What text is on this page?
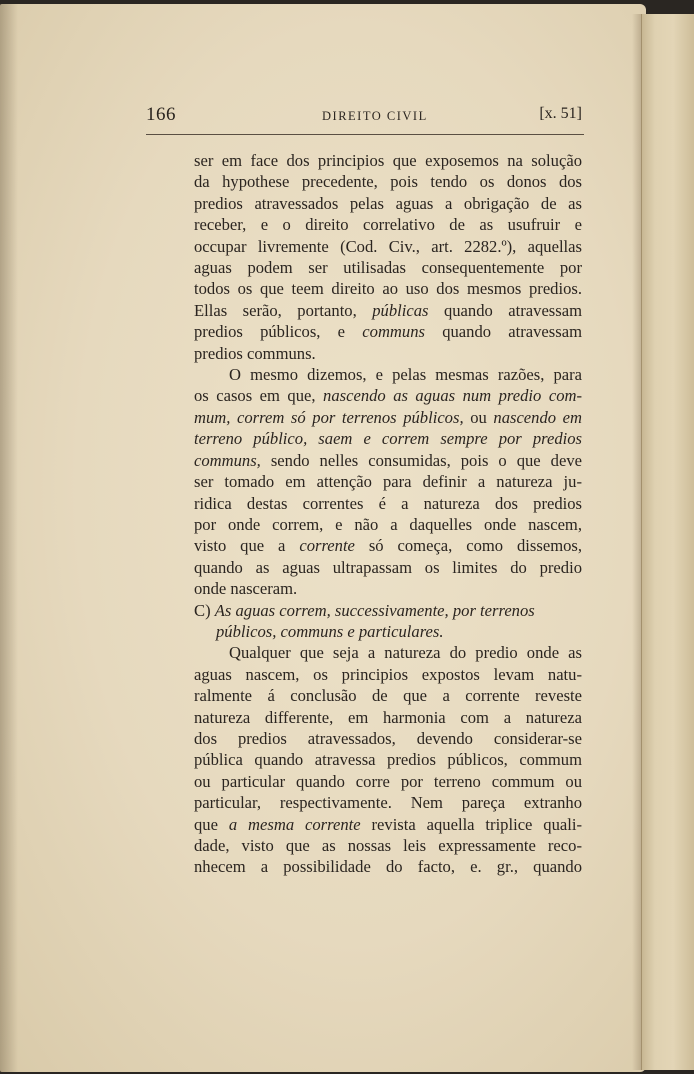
166	DIREITO CIVIL	[x. 51]

ser em face dos principios que exposemos na solução
da hypothese precedente, pois tendo os donos dos
predios atravessados pelas aguas a obrigação de as
receber, e o direito correlativo de as usufruir e
occupar livremente (Cod. Civ., art. 2282.º), aquellas
aguas podem ser utilisadas consequentemente por
todos os que teem direito ao uso dos mesmos predios.
Ellas serão, portanto, públicas quando atravessam
predios públicos, e communs quando atravessam
predios communs.

O mesmo dizemos, e pelas mesmas razões, para
os casos em que, nascendo as aguas num predio com-
mum, correm só por terrenos públicos, ou nascendo em
terreno público, saem e correm sempre por predios
communs, sendo nelles consumidas, pois o que deve
ser tomado em attenção para definir a natureza ju-
ridica destas correntes é a natureza dos predios
por onde correm, e não a daquelles onde nascem,
visto que a corrente só começa, como dissemos,
quando as aguas ultrapassam os limites do predio
onde nasceram.

C) As aguas correm, successivamente, por terrenos
públicos, communs e particulares.

Qualquer que seja a natureza do predio onde as
aguas nascem, os principios expostos levam natu-
ralmente á conclusão de que a corrente reveste
natureza differente, em harmonia com a natureza
dos predios atravessados, devendo considerar-se
pública quando atravessa predios públicos, commum
ou particular quando corre por terreno commum ou
particular, respectivamente. Nem pareça extranho
que a mesma corrente revista aquella triplice quali-
dade, visto que as nossas leis expressamente reco-
nhecem a possibilidade do facto, e. gr., quando
